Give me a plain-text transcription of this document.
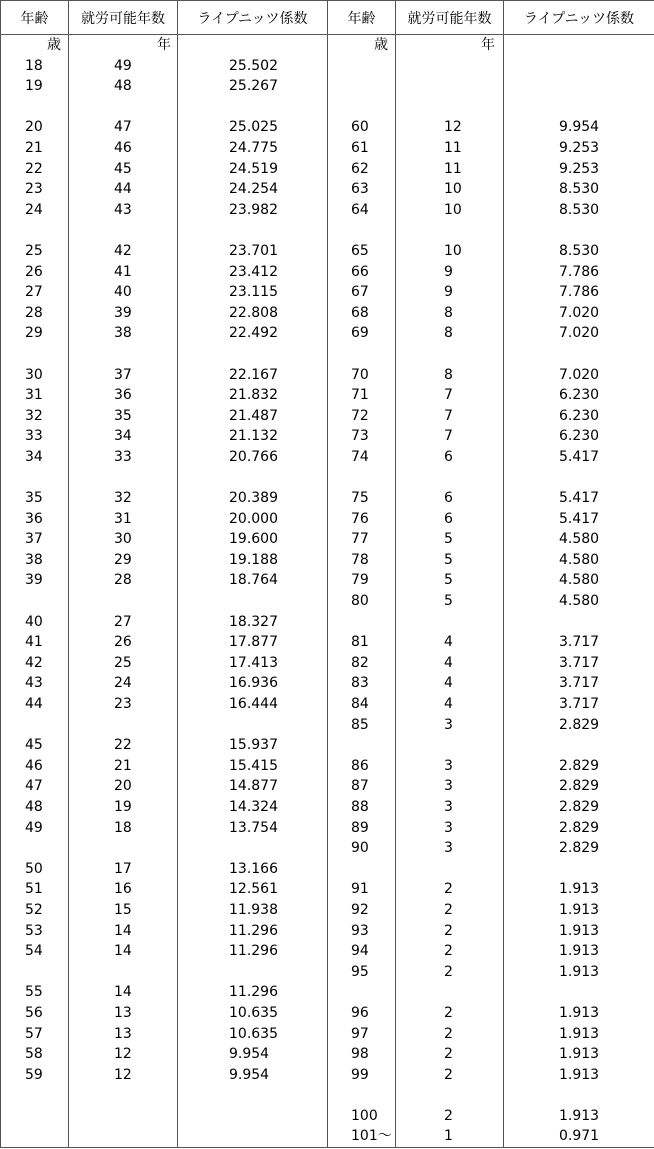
年齢	就労可能年数	ライプニッツ係数	年齢	就労可能年数	ライプニッツ係数
歳	年		歳	年	
18	49	25.502			
19	48	25.267			

20	47	25.025	60	12	9.954
21	46	24.775	61	11	9.253
22	45	24.519	62	11	9.253
23	44	24.254	63	10	8.530
24	43	23.982	64	10	8.530

25	42	23.701	65	10	8.530
26	41	23.412	66	9	7.786
27	40	23.115	67	9	7.786
28	39	22.808	68	8	7.020
29	38	22.492	69	8	7.020

30	37	22.167	70	8	7.020
31	36	21.832	71	7	6.230
32	35	21.487	72	7	6.230
33	34	21.132	73	7	6.230
34	33	20.766	74	6	5.417

35	32	20.389	75	6	5.417
36	31	20.000	76	6	5.417
37	30	19.600	77	5	4.580
38	29	19.188	78	5	4.580
39	28	18.764	79	5	4.580
			80	5	4.580
40	27	18.327			
41	26	17.877	81	4	3.717
42	25	17.413	82	4	3.717
43	24	16.936	83	4	3.717
44	23	16.444	84	4	3.717
			85	3	2.829
45	22	15.937			
46	21	15.415	86	3	2.829
47	20	14.877	87	3	2.829
48	19	14.324	88	3	2.829
49	18	13.754	89	3	2.829
			90	3	2.829
50	17	13.166			
51	16	12.561	91	2	1.913
52	15	11.938	92	2	1.913
53	14	11.296	93	2	1.913
54	14	11.296	94	2	1.913
			95	2	1.913
55	14	11.296			
56	13	10.635	96	2	1.913
57	13	10.635	97	2	1.913
58	12	9.954	98	2	1.913
59	12	9.954	99	2	1.913

			100	2	1.913
			101～	1	0.971
